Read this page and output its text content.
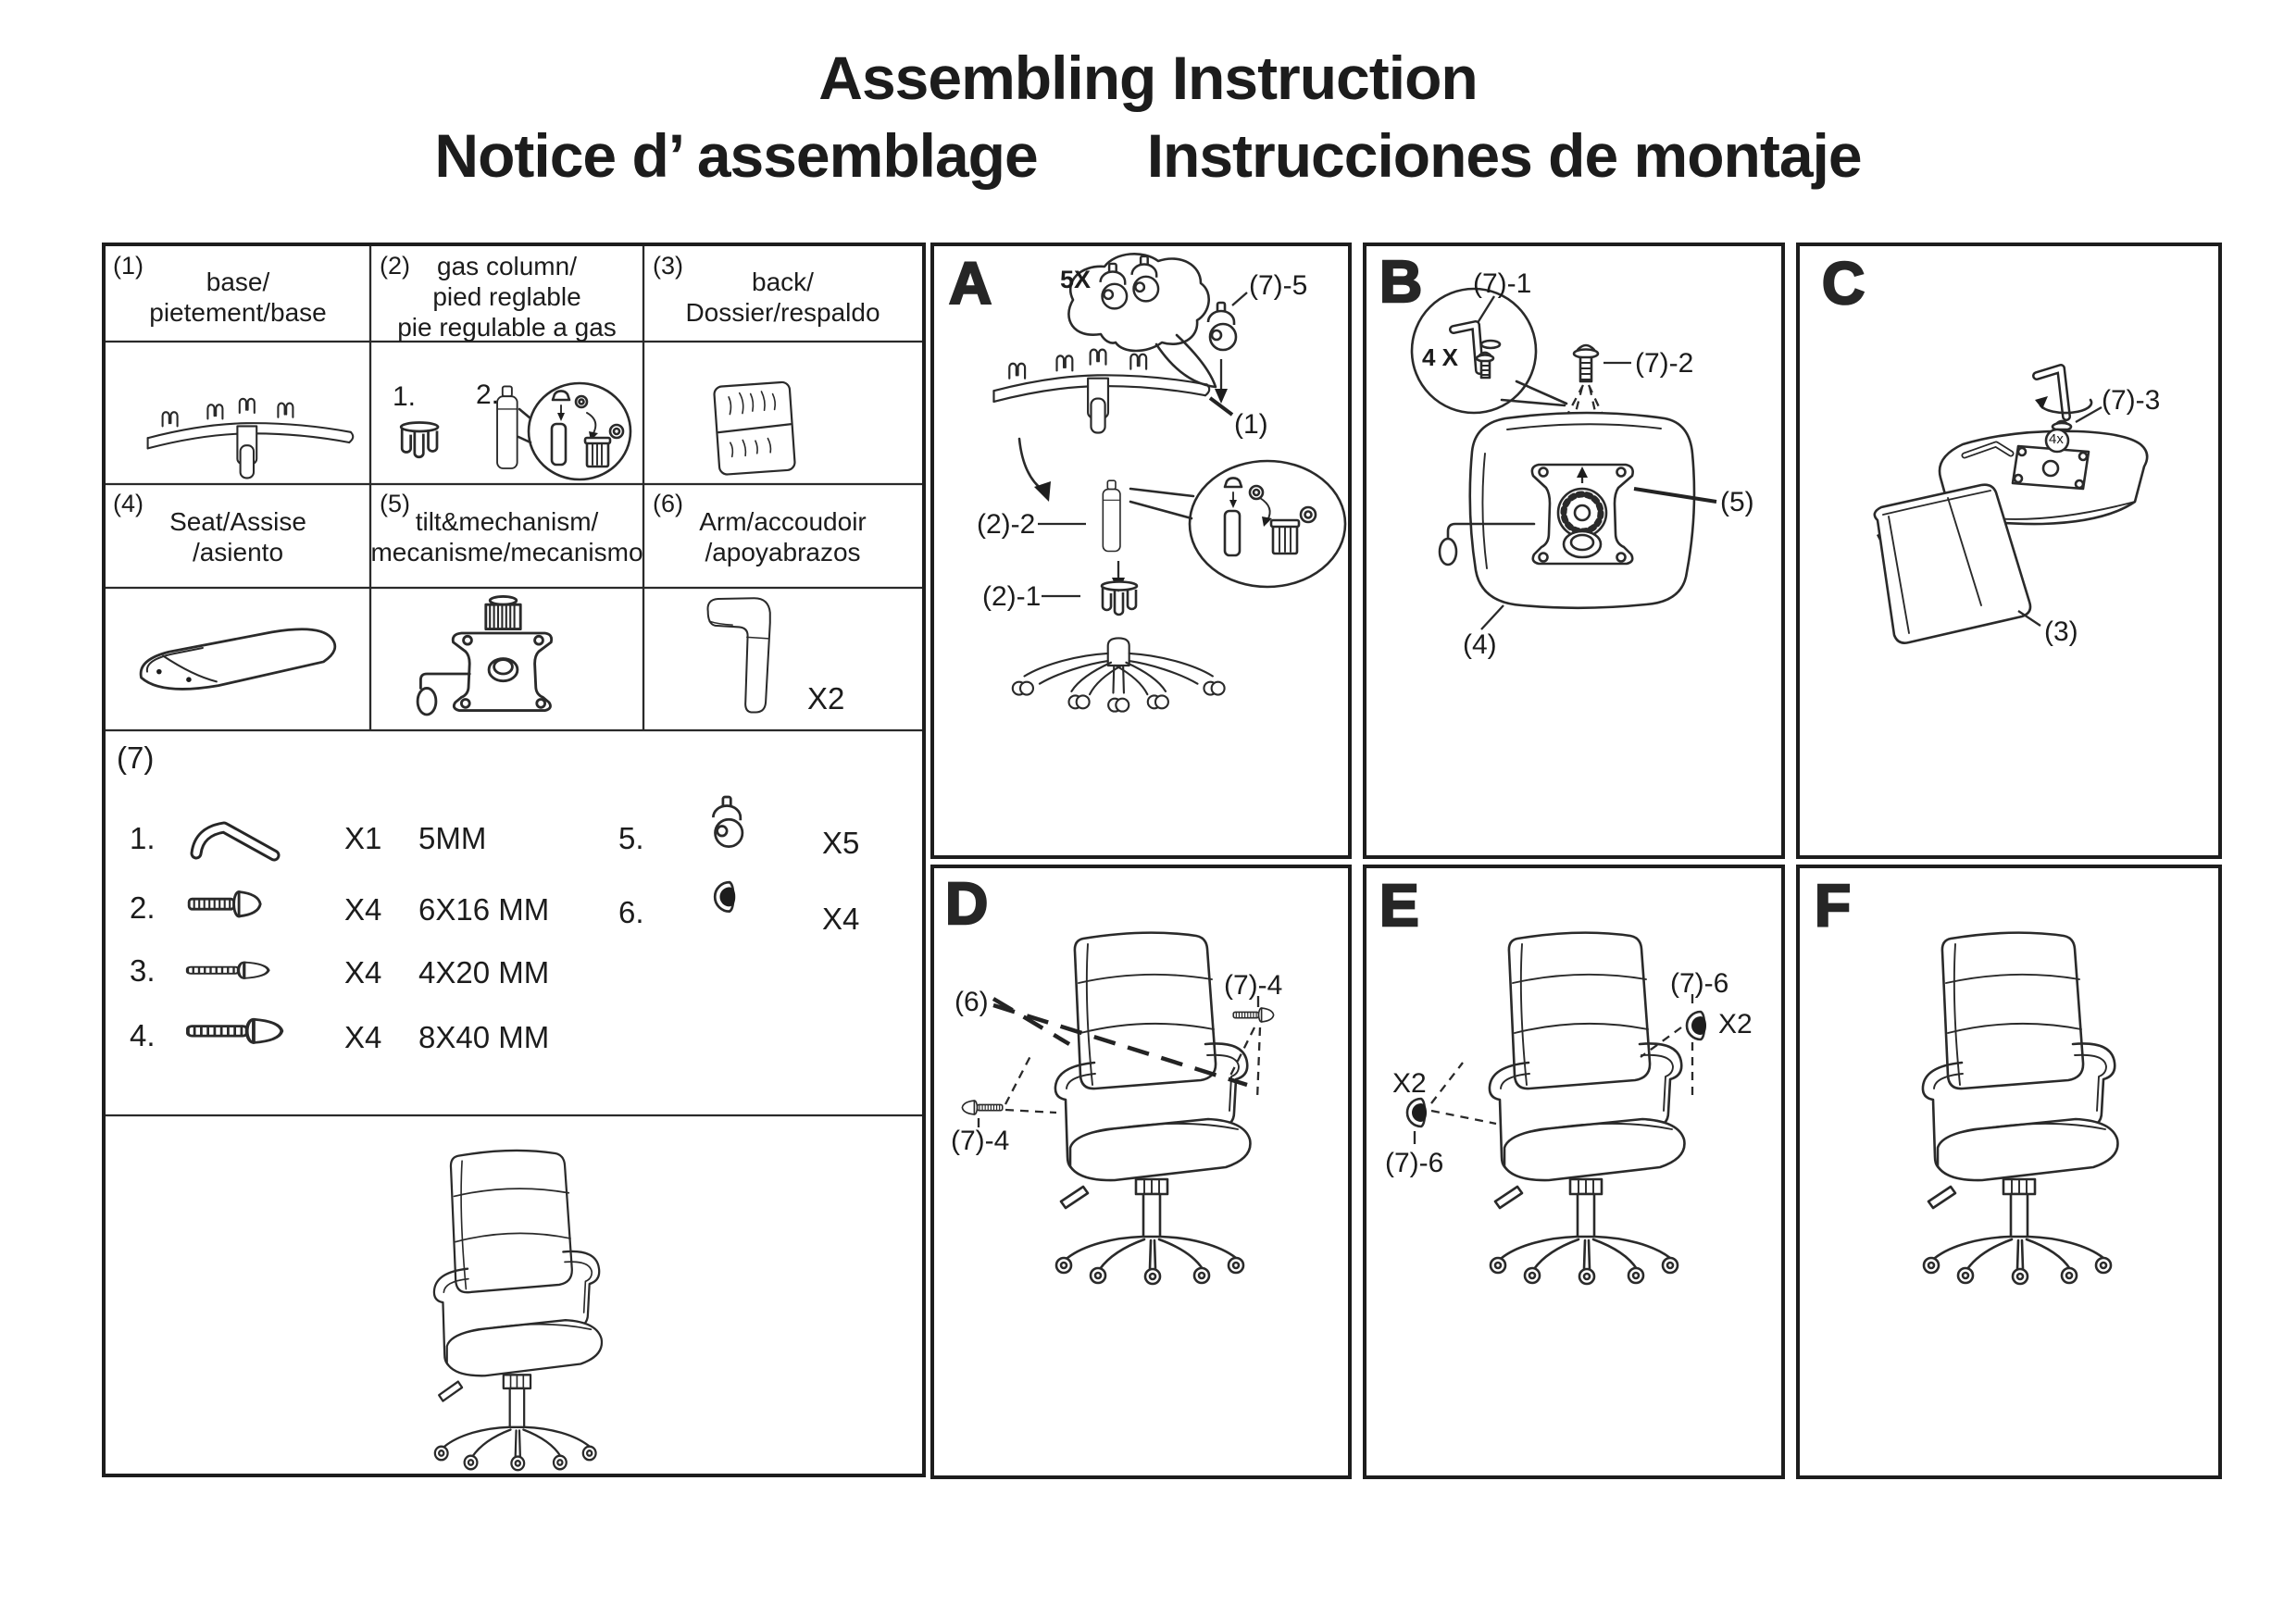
Assembling Instruction
Notice d’ assemblage Instrucciones de montaje
(1)
base/
pietement/base
(2)	gas column/
pied reglable
pie regulable a gas
(3)
back/
Dossier/respaldo
1. 2.
(4)
Seat/Assise
/asiento
(5)
tilt&mechanism/
mecanisme/mecanismo
(6)
Arm/accoudoir
/apoyabrazos
X2
(7)
1.	X1 5MM	5.	X5
2.	X4 6X16 MM 6.	X4
3.	X4 4X20 MM
4.	X4 8X40 MM
A	5X	(7)-5
(1)
(2)-2
(2)-1
B (7)-1
4 X	(7)-2
(5)
(4)
C
(7)-3
4x
(3)
D
(6)
(7)-4
(7)-4
E
(7)-6
X2
X2
(7)-6
F
